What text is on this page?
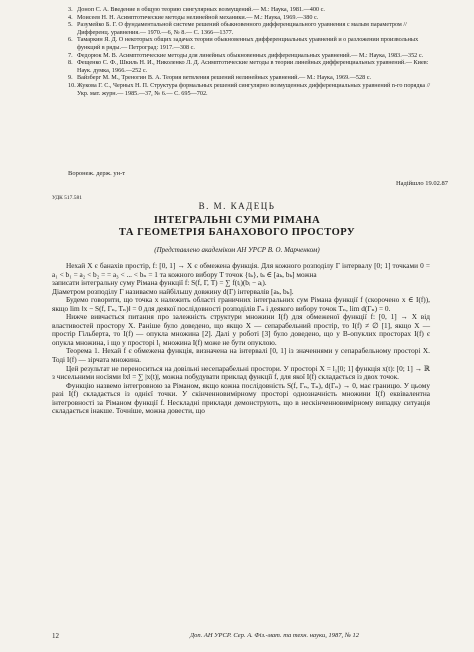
3. Доноп С. А. Введение в общую теорию сингулярных возмущений.— М.: Наука, 1981.—400 с.

4. Моисеев Н. Н. Асимптотические методы нелинейной механики.— М.: Наука, 1969.—380 с.

5. Разумейко Б. Г. О фундаментальной системе решений обыкновенного дифференциального уравнения с малым параметром // Дифференц. уравнения.— 1970.—6, № 8.— С. 1366—1377.

6. Тамаркин Я. Д. О некоторых общих задачах теории обыкновенных дифференциальных уравнений и о разложении произвольных функций в ряды.— Петроград: 1917.—308 с.

7. Федорюк М. В. Асимптотические методы для линейных обыкновенных дифференциальных уравнений.— М.: Наука, 1983.—352 с.

8. Фещенко С. Ф., Шкиль Н. И., Николенко Л. Д. Асимптотические методы в теории линейных дифференциальных уравнений.— Киев: Наук. думка, 1966.—252 с.

9. Вайзберг М. М., Треногин В. А. Теория ветвления решений нелинейных уравнений.— М.: Наука, 1969.—528 с.

10. Жукова Г. С., Черных Н. П. Структура формальных решений сингулярно возмущенных дифференциальных уравнений n-го порядка // Укр. мат. журн.— 1985.—37, № 6.— С. 695—702.

Воронеж. держ. ун-т
Надійшло 19.02.87
УДК 517.581
В. М. КАДЕЦЬ
ІНТЕГРАЛЬНІ СУМИ РІМАНА
ТА ГЕОМЕТРІЯ БАНАХОВОГО ПРОСТОРУ
(Представлено академіком АН УРСР В. О. Марченком)

Нехай X є банахів простір, f: [0, 1] → X є обмежена функція. Для кожного розподілу Γ інтервалу [0; 1] точками 0 = a₁ < b₁ = a₂ < b₂ = = a₃ < ... < bₙ = 1 та кожного вибору T точок {tₖ}, tₖ ∈ [aₖ, bₖ] можна

записати інтегральну суму Рімана функції f: S(f, Γ, T) = ∑ f(tᵢ)(bᵢ − aᵢ).

Діаметром розподілу Γ називаємо найбільшу довжину d(Γ) інтервалів [aₖ, bₖ].

Будемо говорити, що точка x належить області граничних інтегральних сум Рімана функції f (скорочено x ∈ I(f)), якщо lim ‖x − S(f, Γₙ, Tₙ)‖ = 0 для деякої послідовності розподілів Γₙ і деякого вибору точок Tₙ, lim d(Γₙ) = 0.

Нижче вивчається питання про залежність структури множини I(f) для обмеженої функції f: [0, 1] → X від властивостей простору X. Раніше було доведено, що якщо X — сепарабельний простір, то I(f) ≠ ∅ [1], якщо X — простір Гільберта, то I(f) — опукла множина [2]. Далі у роботі [3] було доведено, що у B-опуклих просторах I(f) є опукла множина, і що у просторі l₁ множина I(f) може не бути опуклою.

Теорема 1. Нехай f є обмежена функція, визначена на інтервалі [0, 1] із значеннями у сепарабельному просторі X. Тоді I(f) — зірчата множина.

Цей результат не переноситься на довільні несепарабельні простори. У просторі X = l₁[0; 1] функція x(t): [0; 1] → ℝ з чисельними носіями ‖x‖ = ∑ |x(t)|, можна побудувати приклад функції f, для якої I(f) складається із двох точок.

Функцію назвемо інтегровною за Ріманом, якщо кожна послідовність S(f, Γₙ, Tₙ), d(Γₙ) → 0, має границю. У цьому разі I(f) складається із однієї точки. У скінченновимірному просторі однозначність множини I(f) еквівалентна інтегровності за Ріманом функції f. Нескладні приклади демонструють, що в нескінченновимірному випадку ситуація складається інакше. Точніше, можна довести, що

12	Доп. АН УРСР. Сер. А. Фіз.-мат. та техн. науки, 1987, № 12
